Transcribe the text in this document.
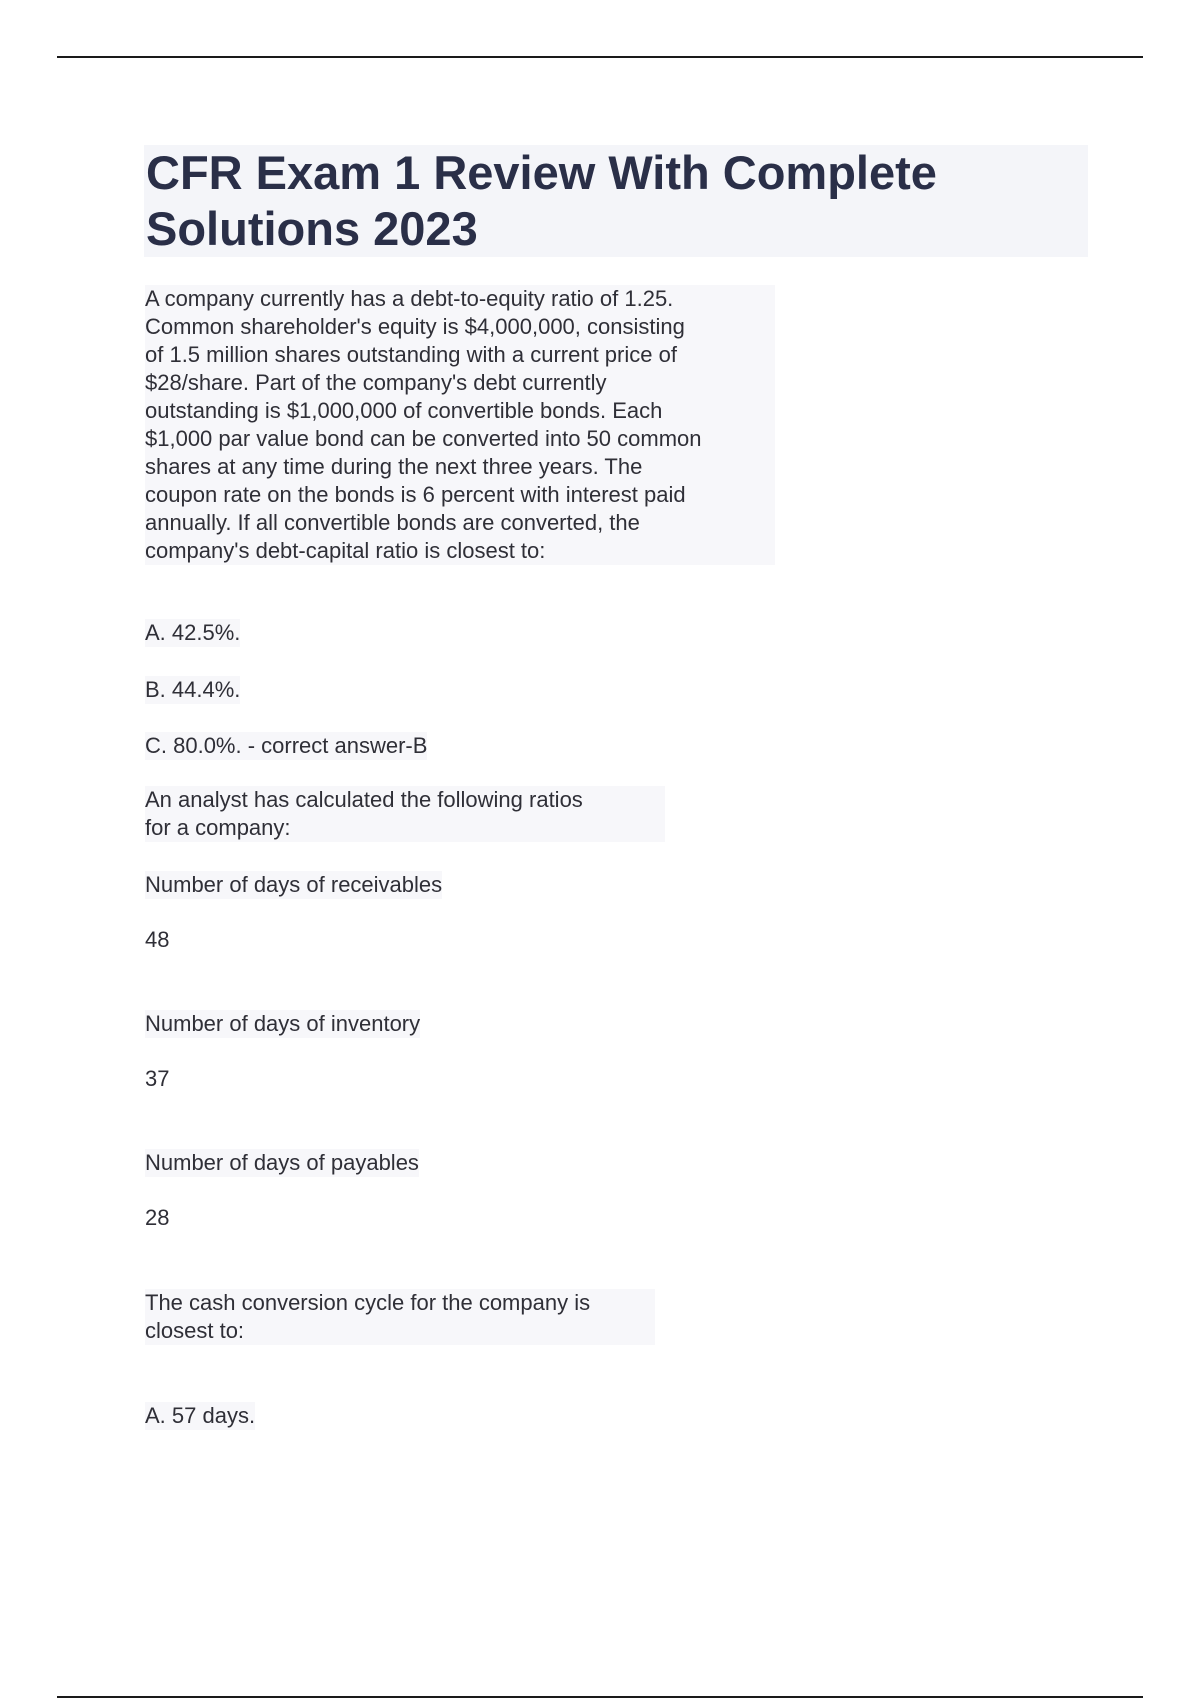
CFR Exam 1 Review With Complete Solutions 2023

A company currently has a debt-to-equity ratio of 1.25.
Common shareholder's equity is $4,000,000, consisting
of 1.5 million shares outstanding with a current price of
$28/share. Part of the company's debt currently
outstanding is $1,000,000 of convertible bonds. Each
$1,000 par value bond can be converted into 50 common
shares at any time during the next three years. The
coupon rate on the bonds is 6 percent with interest paid
annually. If all convertible bonds are converted, the
company's debt-capital ratio is closest to:

A. 42.5%.

B. 44.4%.

C. 80.0%. - correct answer-B

An analyst has calculated the following ratios
for a company:

Number of days of receivables

48

Number of days of inventory

37

Number of days of payables

28

The cash conversion cycle for the company is
closest to:

A. 57 days.
